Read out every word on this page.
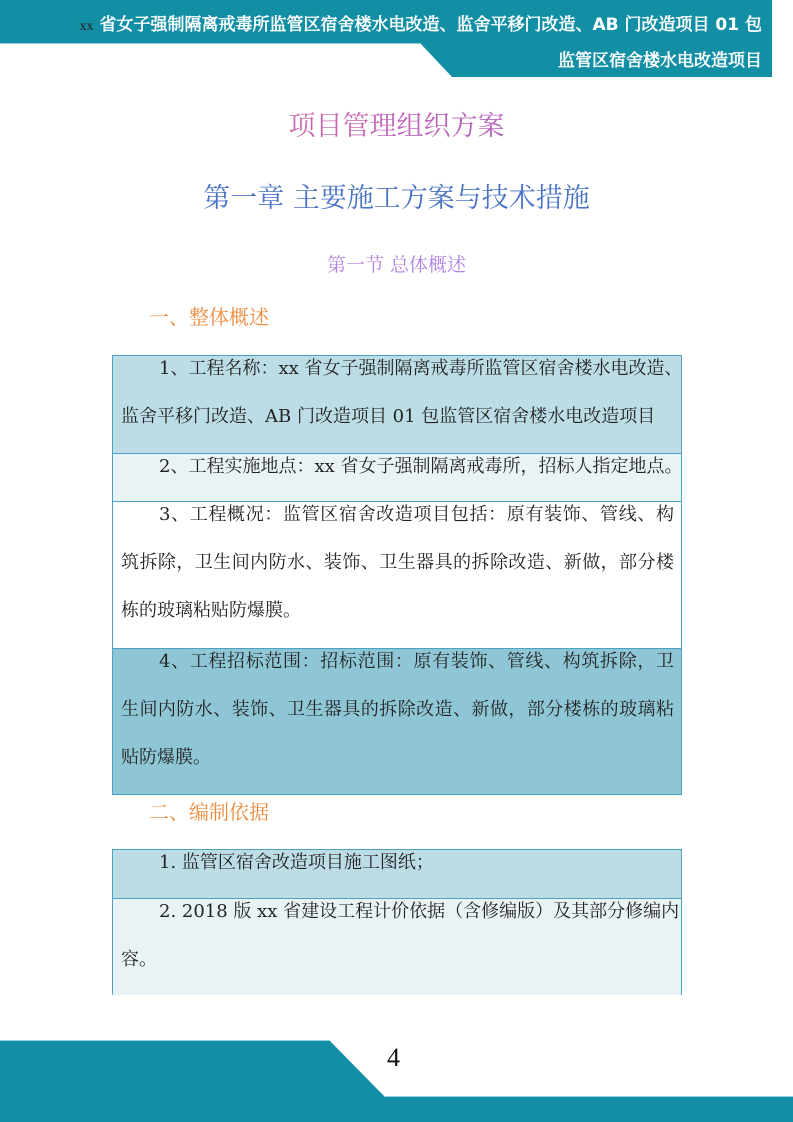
xx 省女子强制隔离戒毒所监管区宿舍楼水电改造、监舍平移门改造、AB 门改造项目 01 包
监管区宿舍楼水电改造项目
项目管理组织方案
第一章 主要施工方案与技术措施
第一节 总体概述
一、整体概述
1、工程名称：xx 省女子强制隔离戒毒所监管区宿舍楼水电改造、
监舍平移门改造、AB 门改造项目 01 包监管区宿舍楼水电改造项目
2、工程实施地点：xx 省女子强制隔离戒毒所，招标人指定地点。
3、工程概况：监管区宿舍改造项目包括：原有装饰、管线、构
筑拆除，卫生间内防水、装饰、卫生器具的拆除改造、新做，部分楼
栋的玻璃粘贴防爆膜。
4、工程招标范围：招标范围：原有装饰、管线、构筑拆除，卫
生间内防水、装饰、卫生器具的拆除改造、新做，部分楼栋的玻璃粘
贴防爆膜。
二、编制依据
1. 监管区宿舍改造项目施工图纸；
2. 2018 版 xx 省建设工程计价依据（含修编版）及其部分修编内
容。
4
